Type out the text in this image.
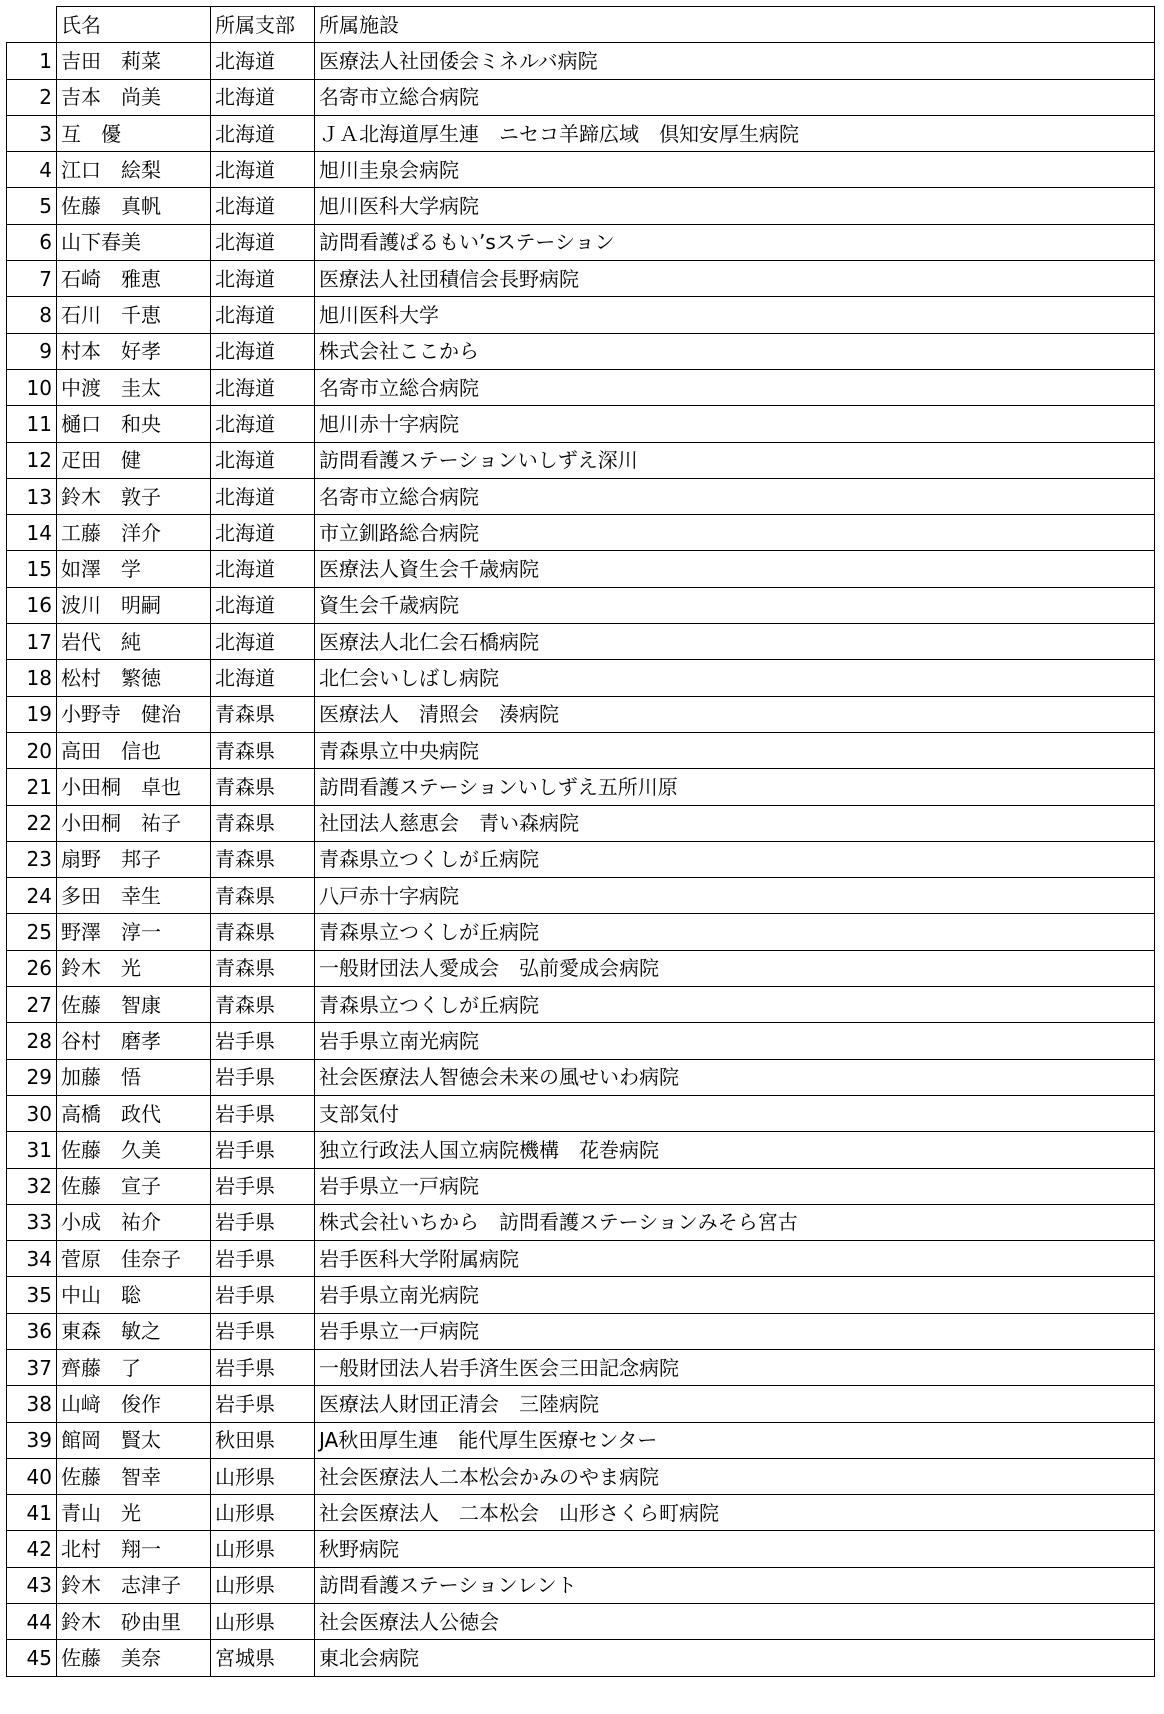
	氏名	所属支部	所属施設
1	吉田　莉菜	北海道	医療法人社団倭会ミネルバ病院
2	吉本　尚美	北海道	名寄市立総合病院
3	互　優	北海道	ＪＡ北海道厚生連　ニセコ羊蹄広域　倶知安厚生病院
4	江口　絵梨	北海道	旭川圭泉会病院
5	佐藤　真帆	北海道	旭川医科大学病院
6	山下春美	北海道	訪問看護ぱるもい’sステーション
7	石崎　雅恵	北海道	医療法人社団積信会長野病院
8	石川　千恵	北海道	旭川医科大学
9	村本　好孝	北海道	株式会社ここから
10	中渡　圭太	北海道	名寄市立総合病院
11	樋口　和央	北海道	旭川赤十字病院
12	疋田　健	北海道	訪問看護ステーションいしずえ深川
13	鈴木　敦子	北海道	名寄市立総合病院
14	工藤　洋介	北海道	市立釧路総合病院
15	如澤　学	北海道	医療法人資生会千歳病院
16	波川　明嗣	北海道	資生会千歳病院
17	岩代　純	北海道	医療法人北仁会石橋病院
18	松村　繁徳	北海道	北仁会いしばし病院
19	小野寺　健治	青森県	医療法人　清照会　湊病院
20	高田　信也	青森県	青森県立中央病院
21	小田桐　卓也	青森県	訪問看護ステーションいしずえ五所川原
22	小田桐　祐子	青森県	社団法人慈恵会　青い森病院
23	扇野　邦子	青森県	青森県立つくしが丘病院
24	多田　幸生	青森県	八戸赤十字病院
25	野澤　淳一	青森県	青森県立つくしが丘病院
26	鈴木　光	青森県	一般財団法人愛成会　弘前愛成会病院
27	佐藤　智康	青森県	青森県立つくしが丘病院
28	谷村　磨孝	岩手県	岩手県立南光病院
29	加藤　悟	岩手県	社会医療法人智徳会未来の風せいわ病院
30	高橋　政代	岩手県	支部気付
31	佐藤　久美	岩手県	独立行政法人国立病院機構　花巻病院
32	佐藤　宣子	岩手県	岩手県立一戸病院
33	小成　祐介	岩手県	株式会社いちから　訪問看護ステーションみそら宮古
34	菅原　佳奈子	岩手県	岩手医科大学附属病院
35	中山　聡	岩手県	岩手県立南光病院
36	東森　敏之	岩手県	岩手県立一戸病院
37	齊藤　了	岩手県	一般財団法人岩手済生医会三田記念病院
38	山﨑　俊作	岩手県	医療法人財団正清会　三陸病院
39	館岡　賢太	秋田県	JA秋田厚生連　能代厚生医療センター
40	佐藤　智幸	山形県	社会医療法人二本松会かみのやま病院
41	青山　光	山形県	社会医療法人　二本松会　山形さくら町病院
42	北村　翔一	山形県	秋野病院
43	鈴木　志津子	山形県	訪問看護ステーションレント
44	鈴木　砂由里	山形県	社会医療法人公徳会
45	佐藤　美奈	宮城県	東北会病院
